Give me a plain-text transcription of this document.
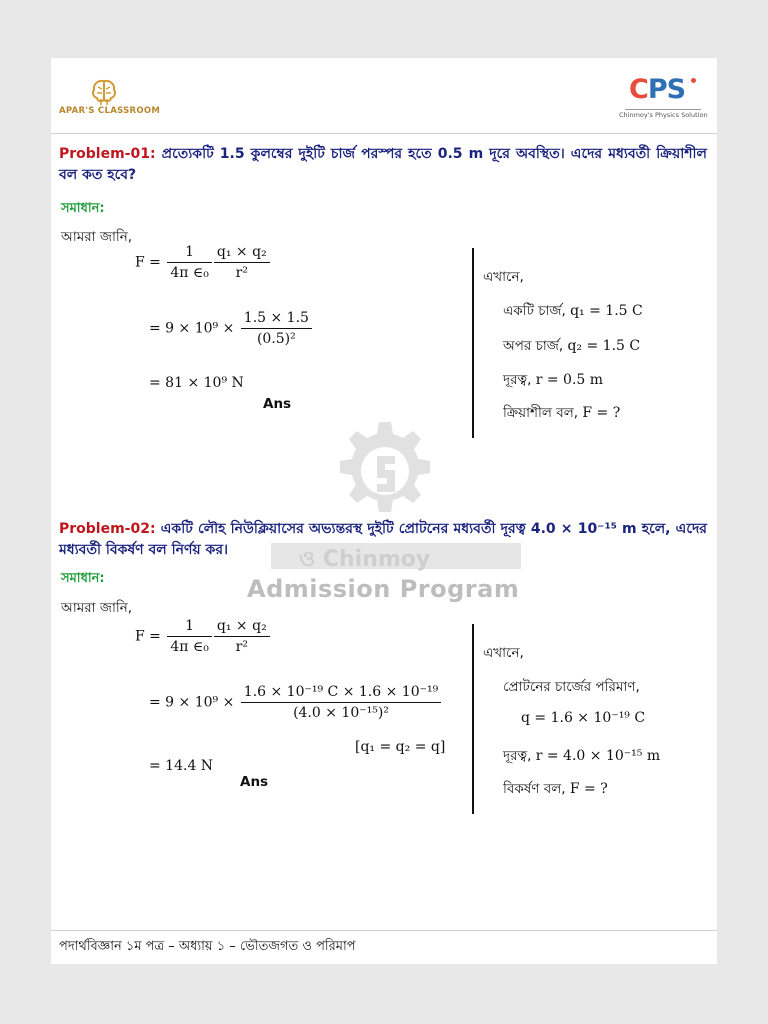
APAR'S CLASSROOM
CPS
Chinmoy's Physics Solution
ও Chinmoy
Admission Program
Problem-01: প্রত্যেকটি 1.5 কুলম্বের দুইটি চার্জ পরস্পর হতে 0.5 m দূরে অবস্থিত। এদের মধ্যবর্তী ক্রিয়াশীল বল কত হবে?
সমাধান:
আমরা জানি,
$F = \frac{1}{\text{4π ∈₀}} \frac{\text{q₁ × q₂}}{\text{r²}}$
= $9 \times 10^9 \times \frac{1.5 \times 1.5}{\text{(0.5)²}}$
= 81 × 10⁹ N
Ans
এখানে,
একটি চার্জ, q₁ = 1.5 C
অপর চার্জ, q₂ = 1.5 C
দূরত্ব, r = 0.5 m
ক্রিয়াশীল বল, F = ?
Problem-02: একটি লৌহ নিউক্লিয়াসের অভ্যন্তরস্থ দুইটি প্রোটনের মধ্যবর্তী দূরত্ব 4.0 × 10⁻¹⁵ m হলে, এদের মধ্যবর্তী বিকর্ষণ বল নির্ণয় কর।
সমাধান:
আমরা জানি,
$F = \frac{1}{\text{4π ∈₀}} \frac{\text{q₁ × q₂}}{\text{r²}}$
= $9 \times 10^9 \times \frac{\text{1.6 × 10⁻¹⁹ C × 1.6 × 10⁻¹⁹}}{\text{(4.0 × 10⁻¹⁵)²}}$
[q₁ = q₂ = q]
= 14.4 N
Ans
এখানে,
প্রোটনের চার্জের পরিমাণ,
q = 1.6 × 10⁻¹⁹ C
দূরত্ব, r = 4.0 × 10⁻¹⁵ m
বিকর্ষণ বল, F = ?
পদার্থবিজ্ঞান ১ম পত্র – অধ্যায় ১ – ভৌতজগত ও পরিমাপ
